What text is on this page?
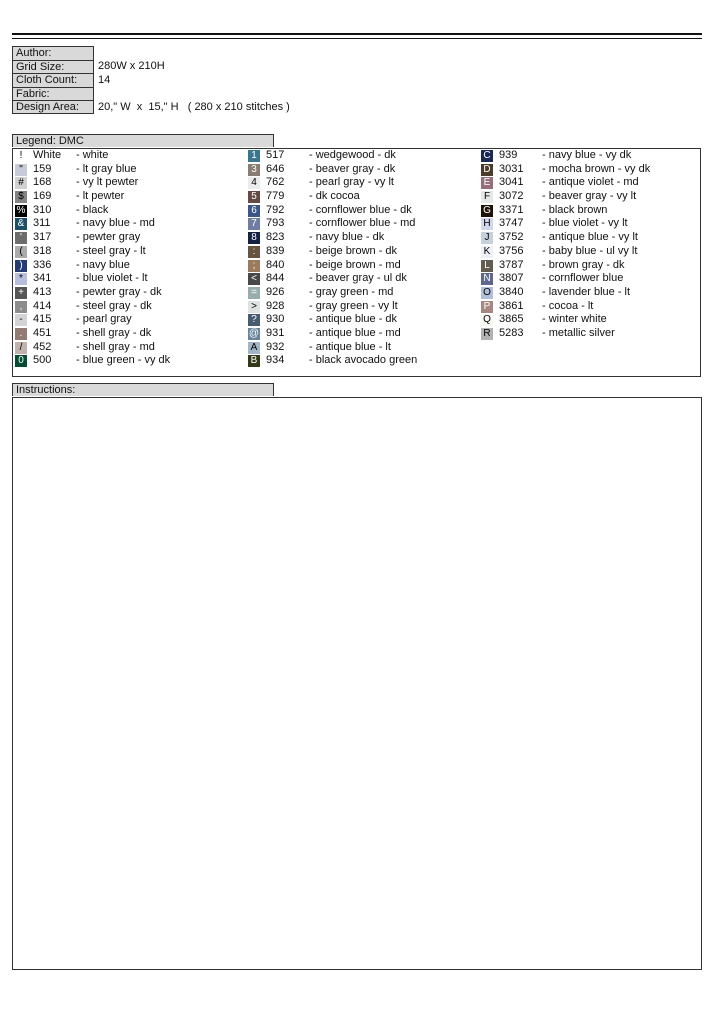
Author:
Grid Size:	280W x 210H
Cloth Count:	14
Fabric:
Design Area:	20," W  x  15," H   ( 280 x 210 stitches )
Legend: DMC
! White - white
" 159 - lt gray blue
# 168 - vy lt pewter
$ 169 - lt pewter
% 310 - black
& 311 - navy blue - md
'	317 - pewter gray
( 318 - steel gray - lt
) 336 - navy blue
* 341 - blue violet - lt
+ 413 - pewter gray - dk
, 414 - steel gray - dk
- 415 - pearl gray
. 451 - shell gray - dk
/ 452 - shell gray - md
0 500 - blue green - vy dk
1 517 - wedgewood - dk
3 646 - beaver gray - dk
4 762 - pearl gray - vy lt
5 779 - dk cocoa
6 792 - cornflower blue - dk
7 793 - cornflower blue - md
8 823 - navy blue - dk
: 839 - beige brown - dk
; 840 - beige brown - md
< 844 - beaver gray - ul dk
= 926 - gray green - md
> 928 - gray green - vy lt
? 930 - antique blue - dk
@ 931 - antique blue - md
A 932 - antique blue - lt
B 934 - black avocado green
C 939 - navy blue - vy dk
D 3031 - mocha brown - vy dk
E 3041 - antique violet - md
F 3072 - beaver gray - vy lt
G 3371 - black brown
H 3747 - blue violet - vy lt
J 3752 - antique blue - vy lt
K 3756 - baby blue - ul vy lt
L 3787 - brown gray - dk
N 3807 - cornflower blue
O 3840 - lavender blue - lt
P 3861 - cocoa - lt
Q 3865 - winter white
R 5283 - metallic silver
Instructions:
